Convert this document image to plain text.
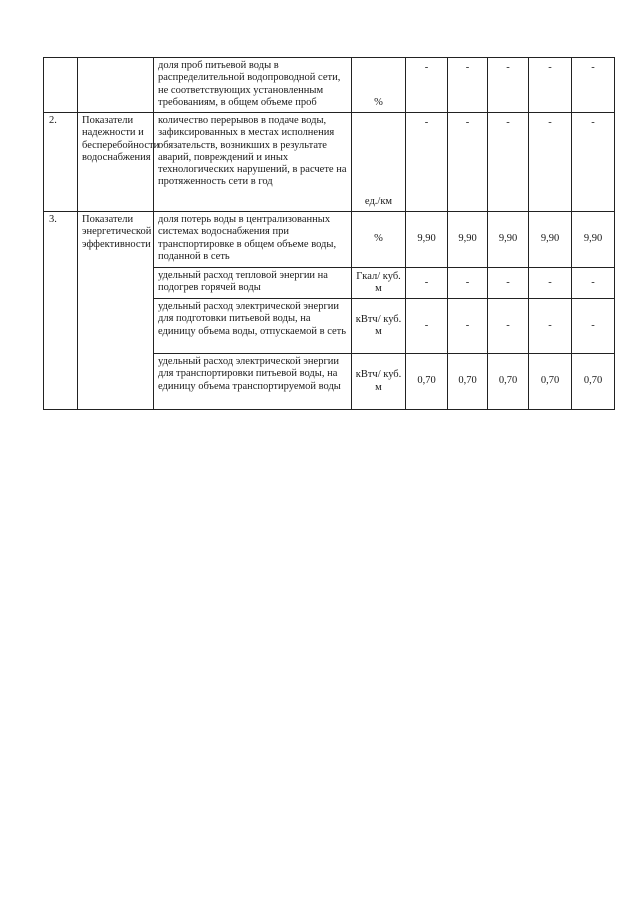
		доля проб питьевой воды в распределительной водопроводной сети, не соответствующих установленным требованиям, в общем объеме проб	%	-	-	-	-	-
2.	Показатели надежности и бесперебойности водоснабжения	количество перерывов в подаче воды, зафиксированных в местах исполнения обязательств, возникших в результате аварий, повреждений и иных технологических нарушений, в расчете на протяженность сети в год	ед./км	-	-	-	-	-
3.	Показатели энергетической эффективности	доля потерь воды в централизованных системах водоснабжения при транспортировке в общем объеме воды, поданной в сеть	%	9,90	9,90	9,90	9,90	9,90
		удельный расход тепловой энергии на подогрев горячей воды	Гкал/ куб. м	-	-	-	-	-
		удельный расход электрической энергии для подготовки питьевой воды, на единицу объема воды, отпускаемой в сеть	кВтч/ куб. м	-	-	-	-	-
		удельный расход электрической энергии для транспортировки питьевой воды, на единицу объема транспортируемой воды	кВтч/ куб. м	0,70	0,70	0,70	0,70	0,70
